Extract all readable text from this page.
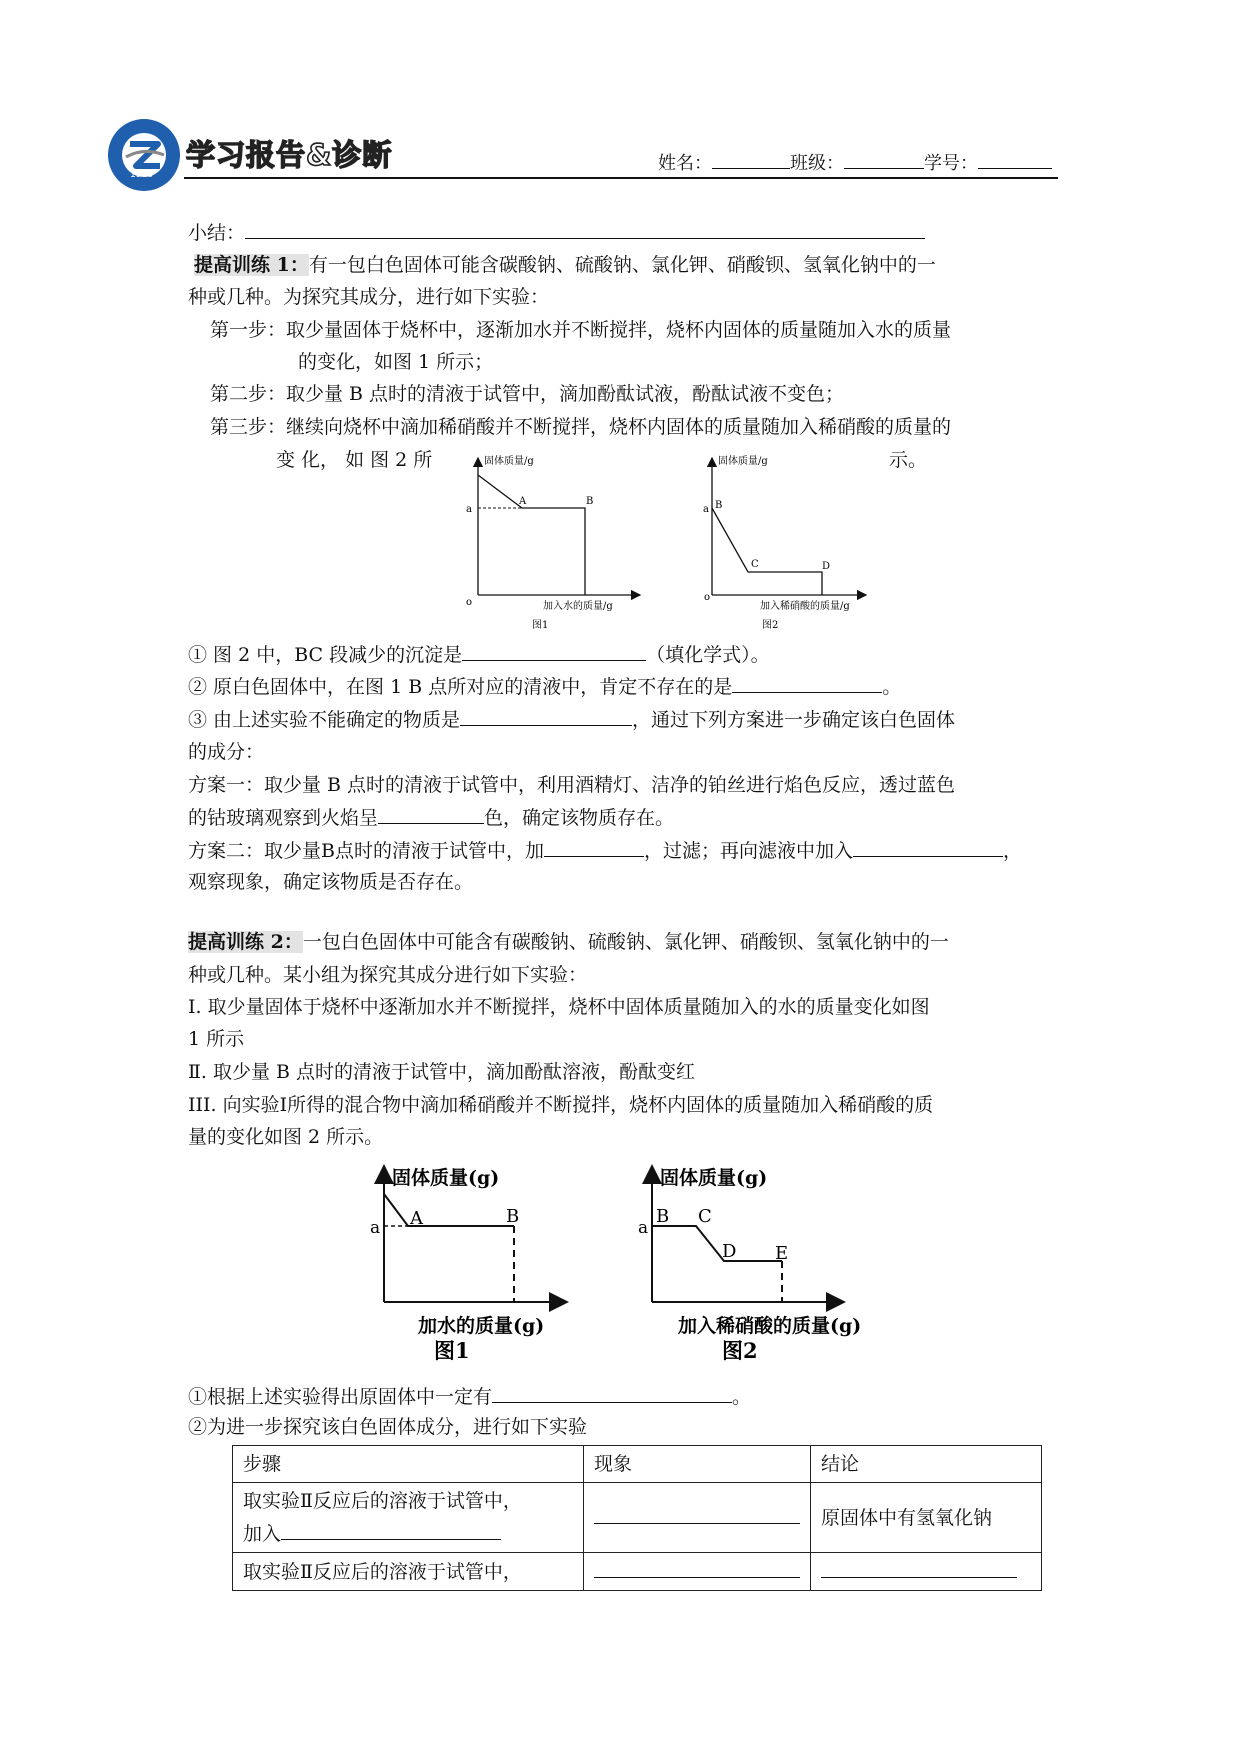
1948
学习报告&诊断	姓名：	班级：	学号：
小结：
提高训练 1：有一包白色固体可能含碳酸钠、硫酸钠、氯化钾、硝酸钡、氢氧化钠中的一
种或几种。为探究其成分，进行如下实验：
第一步：取少量固体于烧杯中，逐渐加水并不断搅拌，烧杯内固体的质量随加入水的质量
的变化，如图 1 所示；
第二步：取少量 B 点时的清液于试管中，滴加酚酞试液，酚酞试液不变色；
第三步：继续向烧杯中滴加稀硝酸并不断搅拌，烧杯内固体的质量随加入稀硝酸的质量的
变 化， 如 图 2 所	示。
固体质量/g
a
A	B
o	加入水的质量/g
图1
固体质量/g
a B
C	D
o
加入稀硝酸的质量/g
图2
① 图 2 中，BC 段减少的沉淀是	（填化学式）。
② 原白色固体中，在图 1 B 点所对应的清液中，肯定不存在的是	。
③ 由上述实验不能确定的物质是	，通过下列方案进一步确定该白色固体
的成分：
方案一：取少量 B 点时的清液于试管中，利用酒精灯、洁净的铂丝进行焰色反应，透过蓝色
的钴玻璃观察到火焰呈	色，确定该物质存在。
方案二：取少量B点时的清液于试管中，加	，过滤；再向滤液中加入	，
观察现象，确定该物质是否存在。
提高训练 2：一包白色固体中可能含有碳酸钠、硫酸钠、氯化钾、硝酸钡、氢氧化钠中的一
种或几种。某小组为探究其成分进行如下实验：
Ⅰ. 取少量固体于烧杯中逐渐加水并不断搅拌，烧杯中固体质量随加入的水的质量变化如图
1 所示
Ⅱ. 取少量 B 点时的清液于试管中，滴加酚酞溶液，酚酞变红
III. 向实验Ⅰ所得的混合物中滴加稀硝酸并不断搅拌，烧杯内固体的质量随加入稀硝酸的质
量的变化如图 2 所示。
固体质量(g)
a A	B
加水的质量(g)
图1
固体质量(g)
a
B C
D E
加入稀硝酸的质量(g)
图2
①根据上述实验得出原固体中一定有	。
②为进一步探究该白色固体成分，进行如下实验
步骤	现象	结论

取实验Ⅱ反应后的溶液于试管中，
加入		原固体中有氢氧化钠
取实验Ⅱ反应后的溶液于试管中，		
